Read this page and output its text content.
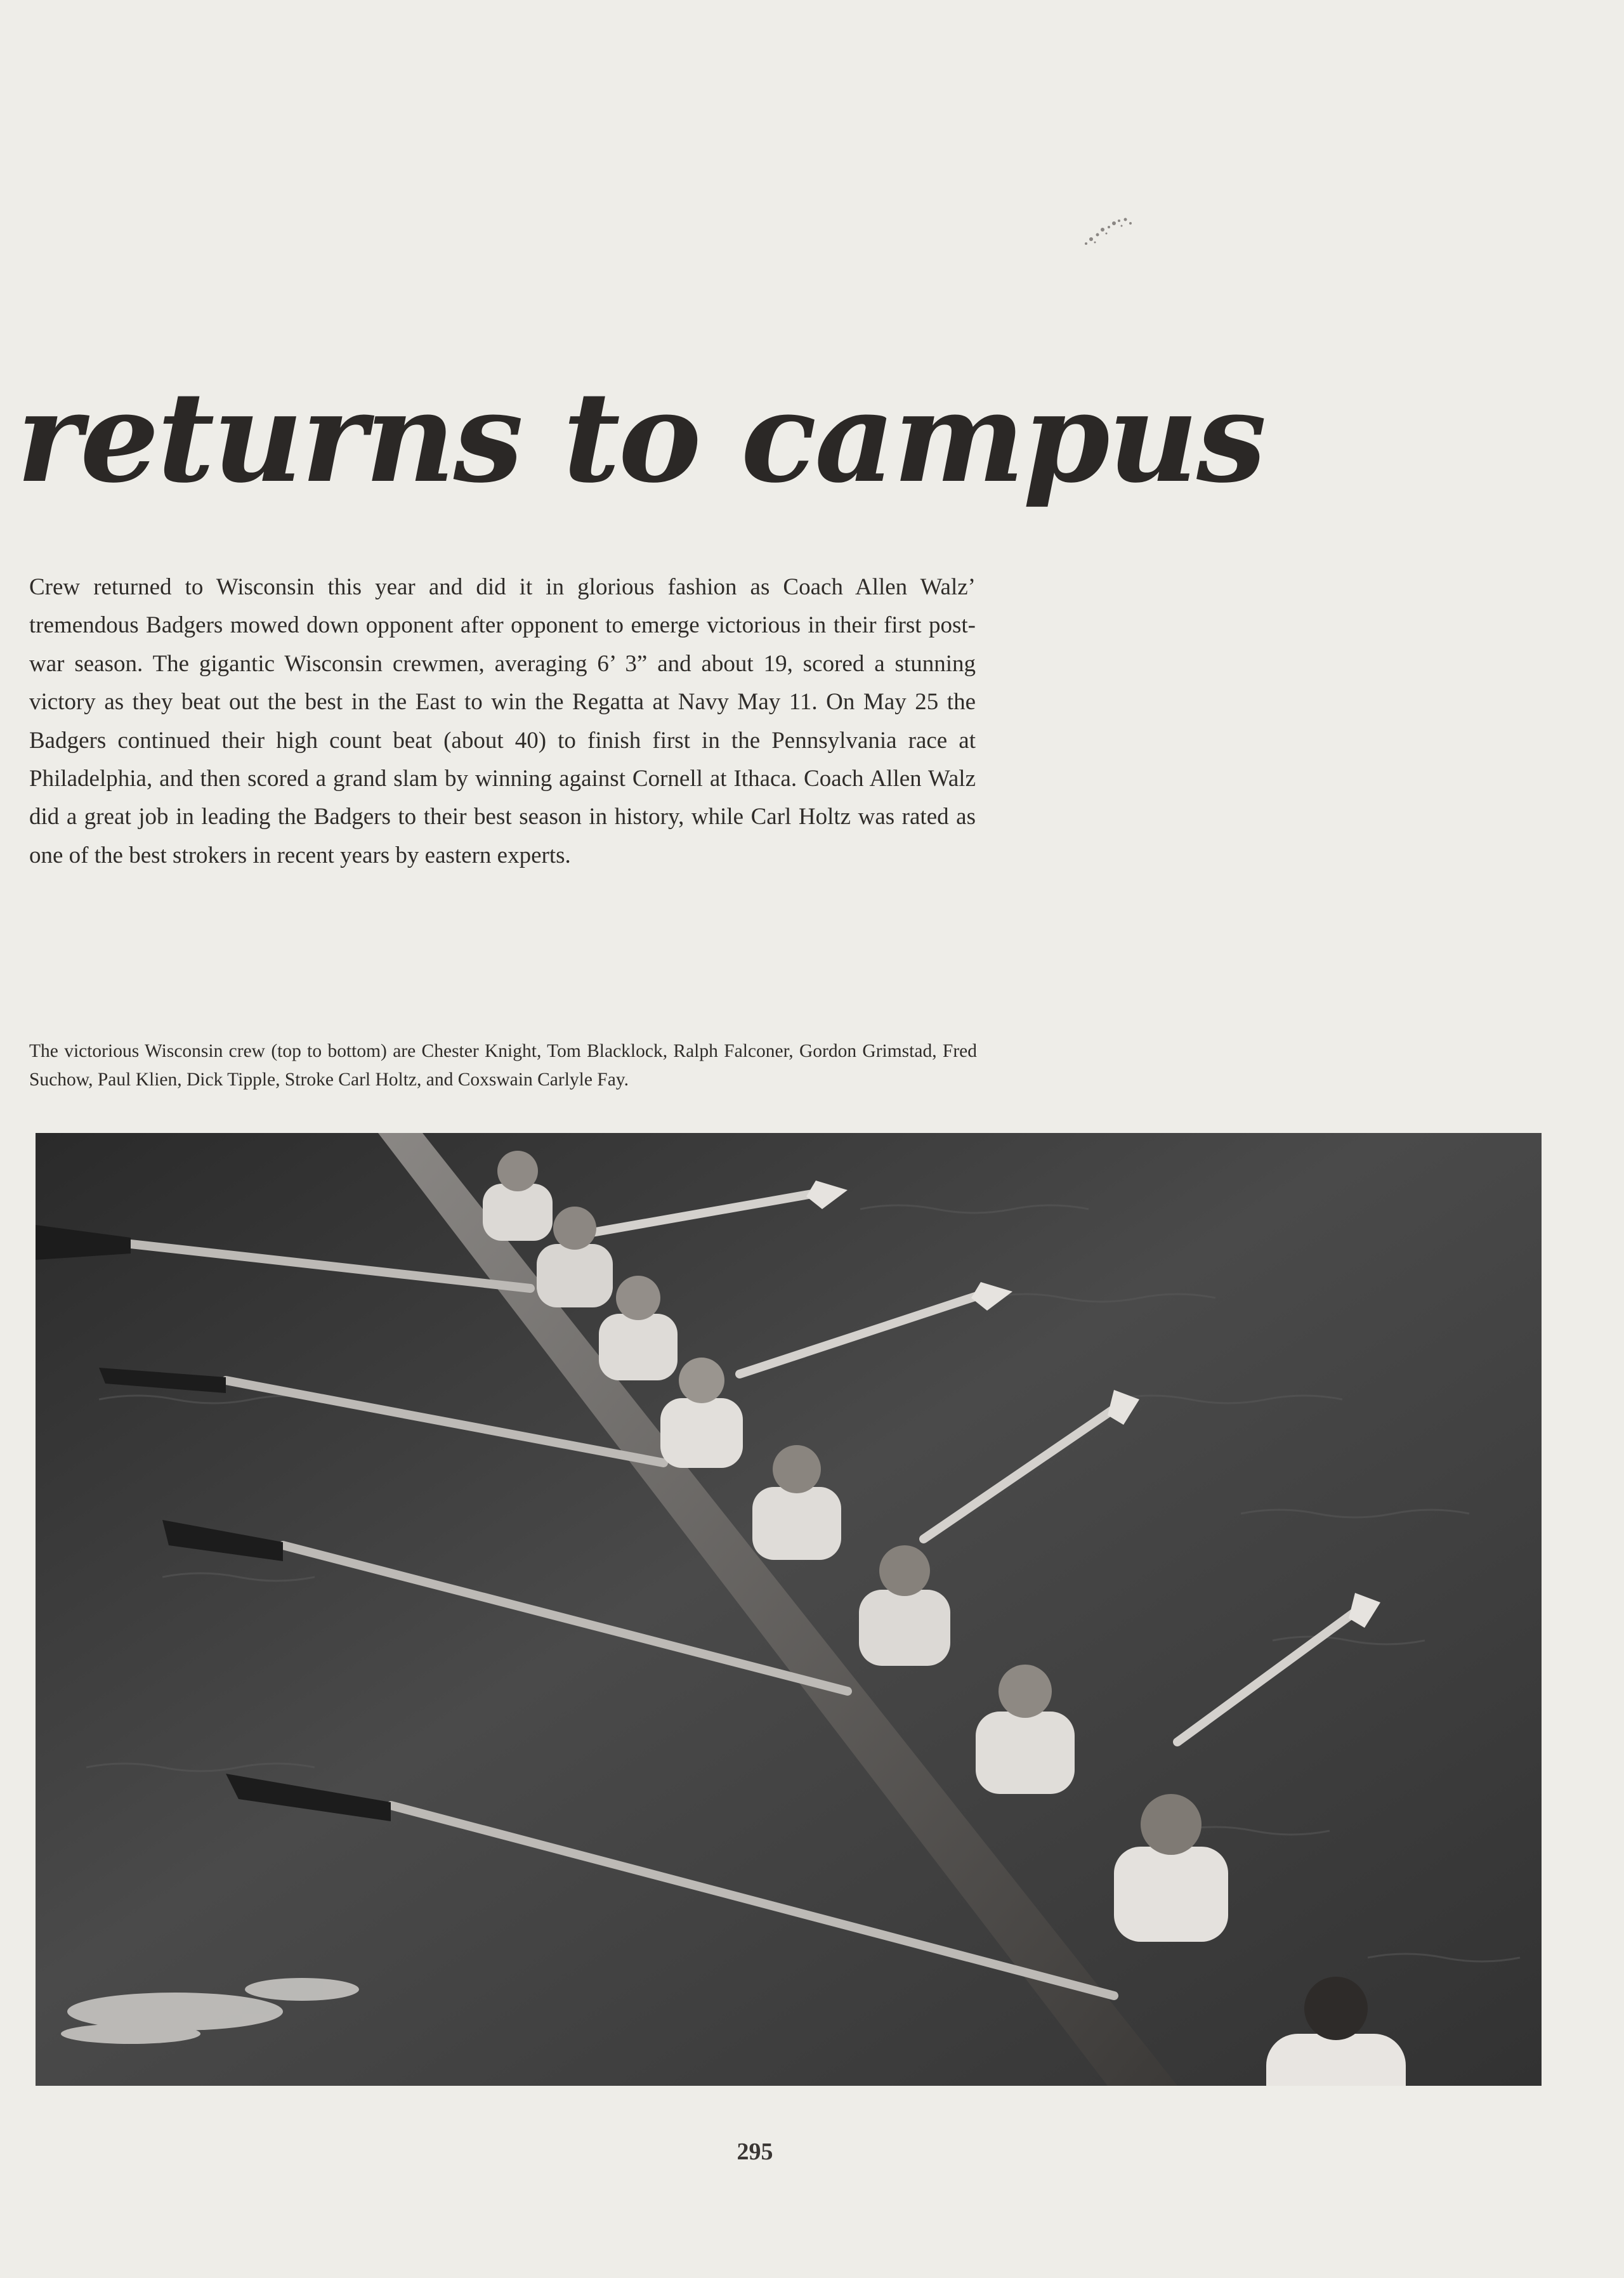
returns to campus

Crew returned to Wisconsin this year and did it in glorious fashion as Coach Allen Walz’ tremendous Badgers mowed down opponent after opponent to emerge victorious in their first post-war season. The gigantic Wisconsin crewmen, averaging 6’ 3” and about 19, scored a stunning victory as they beat out the best in the East to win the Regatta at Navy May 11. On May 25 the Badgers continued their high count beat (about 40) to finish first in the Pennsylvania race at Philadelphia, and then scored a grand slam by winning against Cornell at Ithaca. Coach Allen Walz did a great job in leading the Badgers to their best season in history, while Carl Holtz was rated as one of the best strokers in recent years by eastern experts.

The victorious Wisconsin crew (top to bottom) are Chester Knight, Tom Blacklock, Ralph Falconer, Gordon Grimstad, Fred Suchow, Paul Klien, Dick Tipple, Stroke Carl Holtz, and Coxswain Carlyle Fay.

295
